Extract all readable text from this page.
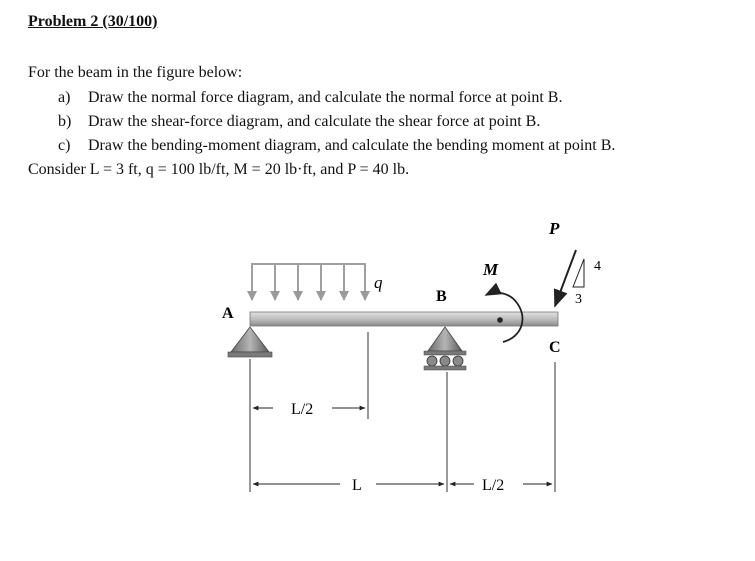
Problem 2 (30/100)
For the beam in the figure below:
a) Draw the normal force diagram, and calculate the normal force at point B.
b) Draw the shear-force diagram, and calculate the shear force at point B.
c) Draw the bending-moment diagram, and calculate the bending moment at point B.
Consider L = 3 ft, q = 100 lb/ft, M = 20 lb·ft, and P = 40 lb.
q
A
B
M
P
4
3
C
L/2
L	L/2
